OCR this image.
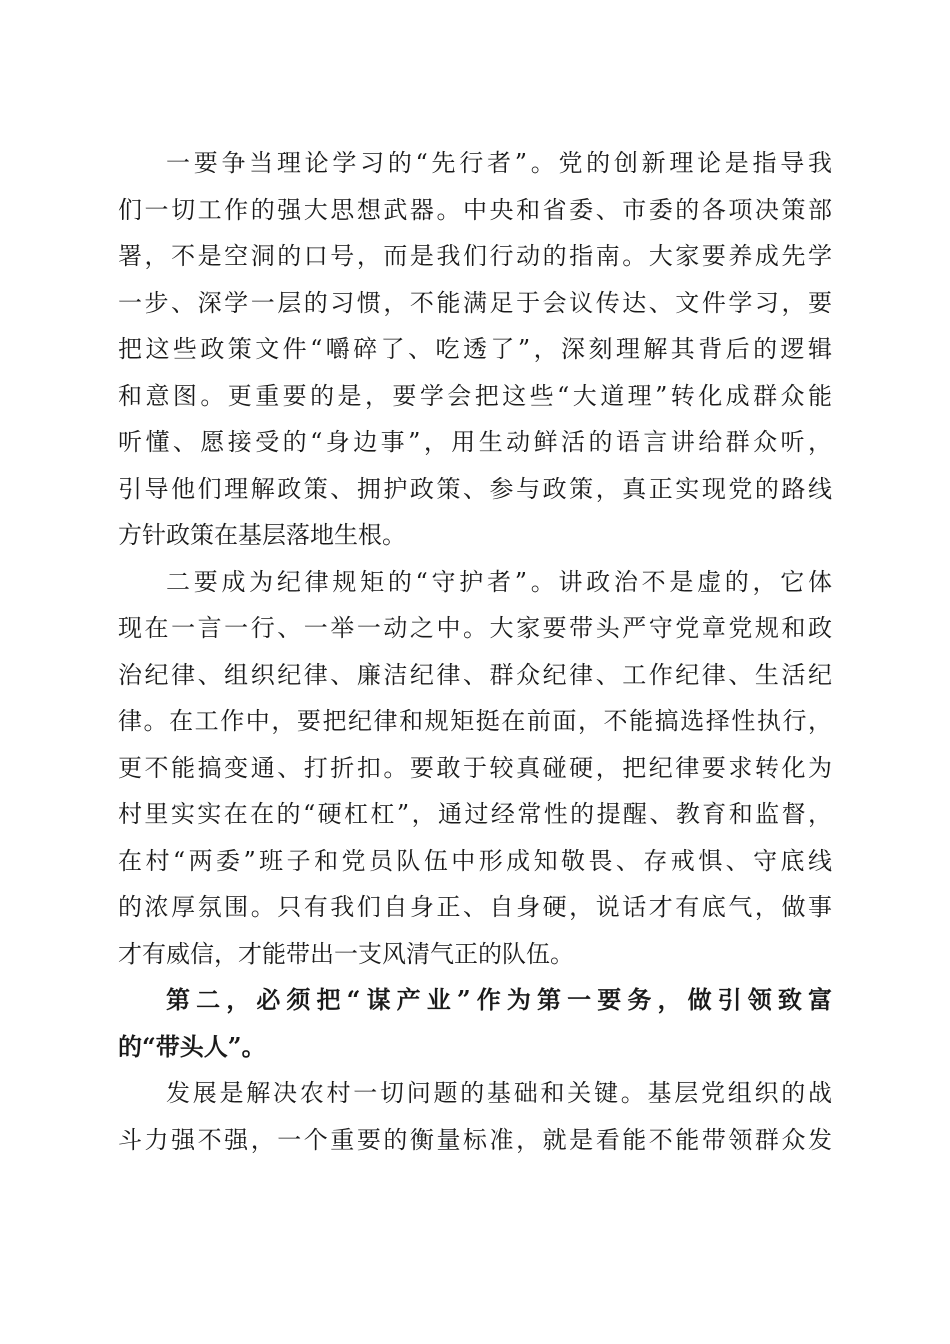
一要争当理论学习的“先行者”。党的创新理论是指导我
们一切工作的强大思想武器。中央和省委、市委的各项决策部
署，不是空洞的口号，而是我们行动的指南。大家要养成先学
一步、深学一层的习惯，不能满足于会议传达、文件学习，要
把这些政策文件“嚼碎了、吃透了”，深刻理解其背后的逻辑
和意图。更重要的是，要学会把这些“大道理”转化成群众能
听懂、愿接受的“身边事”，用生动鲜活的语言讲给群众听，
引导他们理解政策、拥护政策、参与政策，真正实现党的路线
方针政策在基层落地生根。
二要成为纪律规矩的“守护者”。讲政治不是虚的，它体
现在一言一行、一举一动之中。大家要带头严守党章党规和政
治纪律、组织纪律、廉洁纪律、群众纪律、工作纪律、生活纪
律。在工作中，要把纪律和规矩挺在前面，不能搞选择性执行，
更不能搞变通、打折扣。要敢于较真碰硬，把纪律要求转化为
村里实实在在的“硬杠杠”，通过经常性的提醒、教育和监督，
在村“两委”班子和党员队伍中形成知敬畏、存戒惧、守底线
的浓厚氛围。只有我们自身正、自身硬，说话才有底气，做事
才有威信，才能带出一支风清气正的队伍。
第二，必须把“谋产业”作为第一要务，做引领致富
的“带头人”。
发展是解决农村一切问题的基础和关键。基层党组织的战
斗力强不强，一个重要的衡量标准，就是看能不能带领群众发
